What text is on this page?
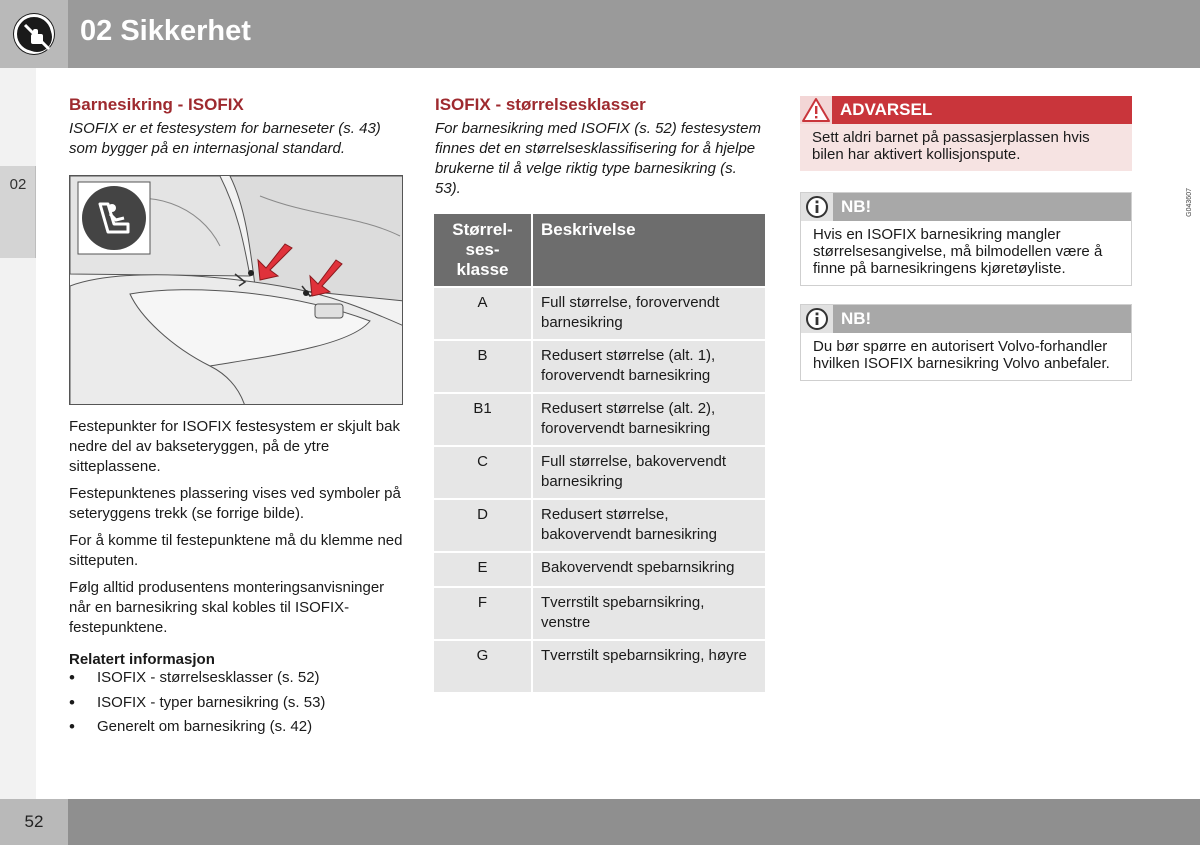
02 Sikkerhet
02
Barnesikring - ISOFIX
ISOFIX er et festesystem for barneseter (s. 43) som bygger på en internasjonal standard.
G043607

Festepunkter for ISOFIX festesystem er skjult bak nedre del av bakseteryggen, på de ytre sitteplassene.

Festepunktenes plassering vises ved symboler på seteryggens trekk (se forrige bilde).

For å komme til festepunktene må du klemme ned sitteputen.

Følg alltid produsentens monteringsanvisninger når en barnesikring skal kobles til ISOFIX-festepunktene.

Relatert informasjon
• ISOFIX - størrelsesklasser (s. 52)
• ISOFIX - typer barnesikring (s. 53)
• Generelt om barnesikring (s. 42)
ISOFIX - størrelsesklasser
For barnesikring med ISOFIX (s. 52) festesystem finnes det en størrelsesklassifisering for å hjelpe brukerne til å velge riktig type barnesikring (s. 53).
Størrel-
ses-
klasse	Beskrivelse
A	Full størrelse, forovervendt barnesikring
B	Redusert størrelse (alt. 1), forovervendt barnesikring
B1	Redusert størrelse (alt. 2), forovervendt barnesikring
C	Full størrelse, bakovervendt barnesikring
D	Redusert størrelse, bakovervendt barnesikring
E	Bakovervendt spebarnsikring
F	Tverrstilt spebarnsikring, venstre
G	Tverrstilt spebarnsikring, høyre
ADVARSEL
Sett aldri barnet på passasjerplassen hvis bilen har aktivert kollisjonspute.
NB!
Hvis en ISOFIX barnesikring mangler størrelsesangivelse, må bilmodellen være å finne på barnesikringens kjøretøyliste.
NB!
Du bør spørre en autorisert Volvo-forhandler hvilken ISOFIX barnesikring Volvo anbefaler.
52
